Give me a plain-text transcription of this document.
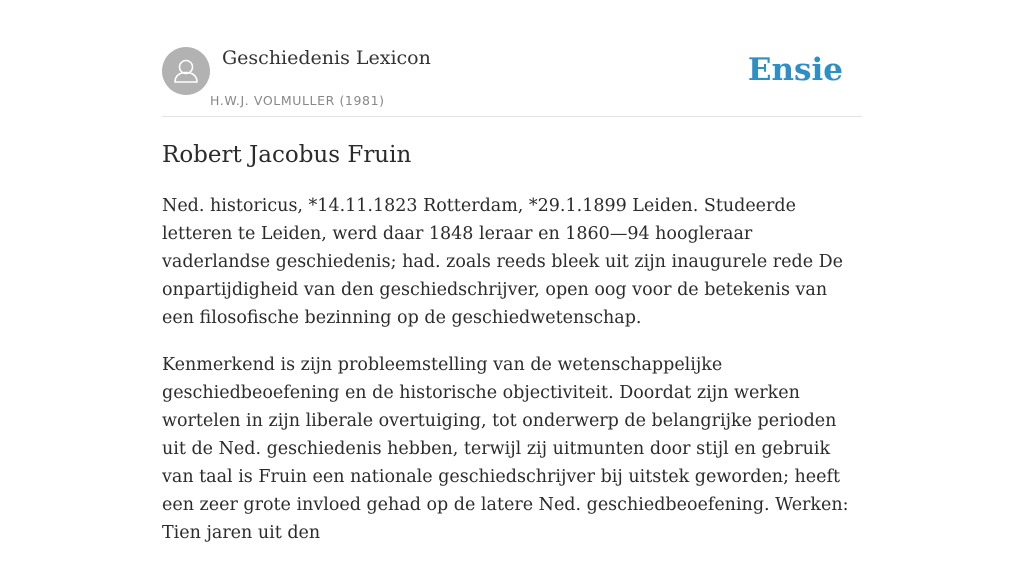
Geschiedenis Lexicon
H.W.J. VOLMULLER (1981)
Ensie
Robert Jacobus Fruin

Ned. historicus, *14.11.1823 Rotterdam, *29.1.1899 Leiden. Studeerde letteren te Leiden, werd daar 1848 leraar en 1860—94 hoogleraar vaderlandse geschiedenis; had. zoals reeds bleek uit zijn inaugurele rede De onpartijdigheid van den geschiedschrijver, open oog voor de betekenis van een filosofische bezinning op de geschiedwetenschap.

Kenmerkend is zijn probleemstelling van de wetenschappelijke geschiedbeoefening en de historische objectiviteit. Doordat zijn werken wortelen in zijn liberale overtuiging, tot onderwerp de belangrijke perioden uit de Ned. geschiedenis hebben, terwijl zij uitmunten door stijl en gebruik van taal is Fruin een nationale geschiedschrijver bij uitstek geworden; heeft een zeer grote invloed gehad op de latere Ned. geschiedbeoefening. Werken: Tien jaren uit den
